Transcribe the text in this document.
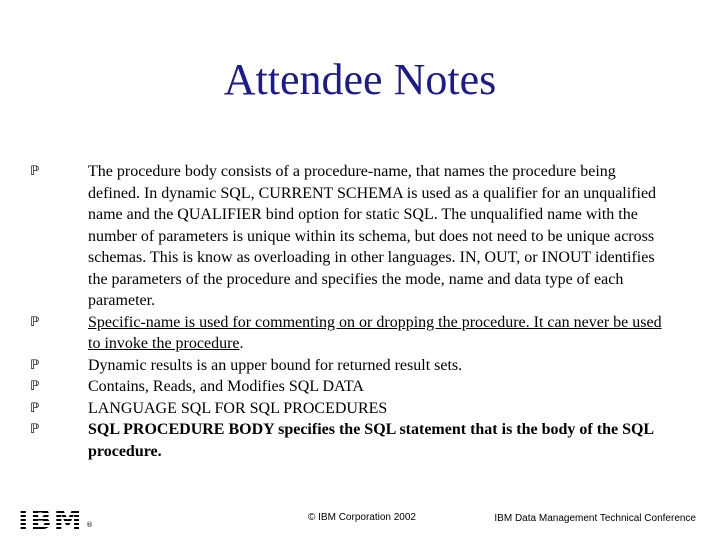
Attendee Notes
ℙ	The procedure body consists of a procedure-name, that names the procedure being defined. In dynamic SQL, CURRENT SCHEMA is used as a qualifier for an unqualified name and the QUALIFIER bind option for static SQL. The unqualified name with the number of parameters is unique within its schema, but does not need to be unique across schemas. This is know as overloading in other languages. IN, OUT, or INOUT identifies the parameters of the procedure and specifies the mode, name and data type of each parameter.
ℙ	Specific-name is used for commenting on or dropping the procedure. It can never be used to invoke the procedure.
ℙ	Dynamic results is an upper bound for returned result sets.
ℙ	Contains, Reads, and Modifies SQL DATA
ℙ	LANGUAGE SQL FOR SQL PROCEDURES
ℙ	SQL PROCEDURE BODY specifies the SQL statement that is the body of the SQL procedure.
IBM ®
© IBM Corporation 2002	IBM Data Management Technical Conference
